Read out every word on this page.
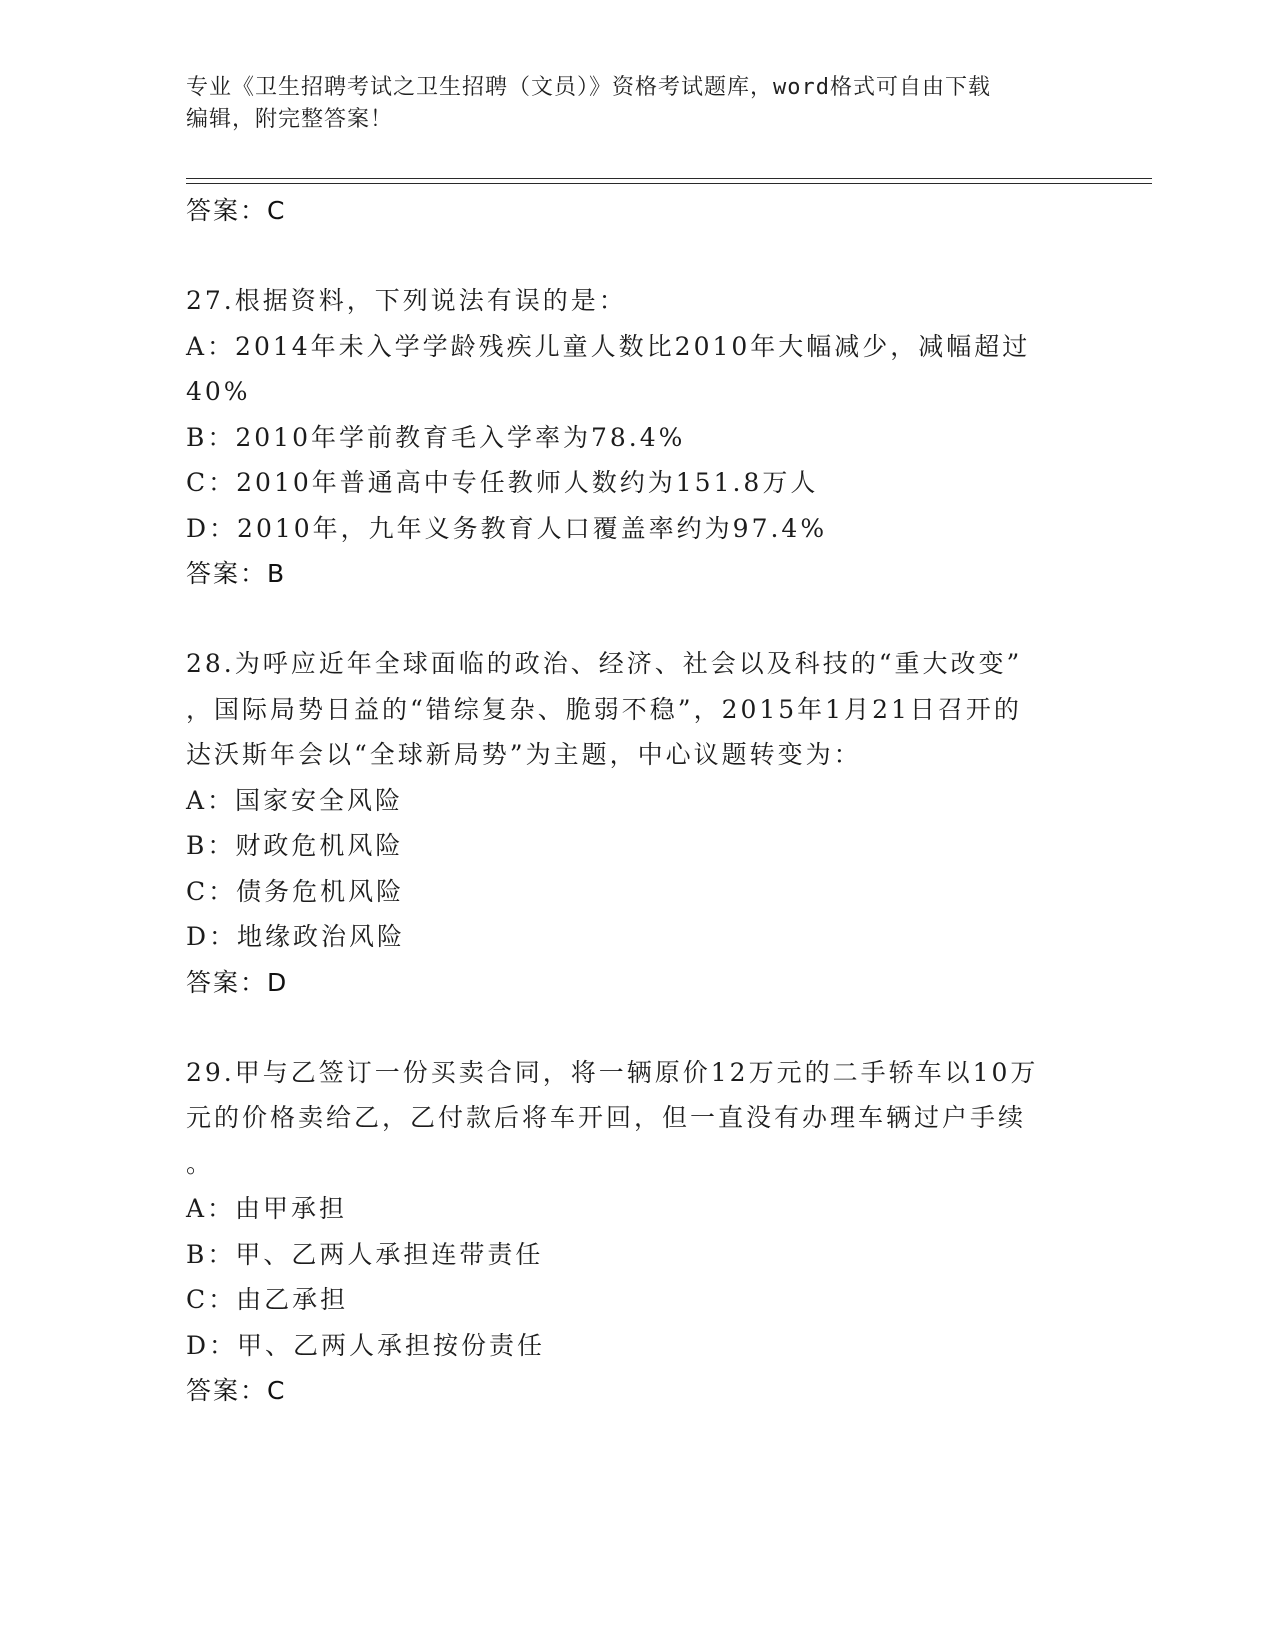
专业《卫生招聘考试之卫生招聘（文员）》资格考试题库，word格式可自由下载
编辑，附完整答案！
答案：C
27.根据资料，下列说法有误的是：
A：2014年未入学学龄残疾儿童人数比2010年大幅减少，减幅超过
40%
B：2010年学前教育毛入学率为78.4%
C：2010年普通高中专任教师人数约为151.8万人
D：2010年，九年义务教育人口覆盖率约为97.4%
答案：B
28.为呼应近年全球面临的政治、经济、社会以及科技的“重大改变”
，国际局势日益的“错综复杂、脆弱不稳”，2015年1月21日召开的
达沃斯年会以“全球新局势”为主题，中心议题转变为：
A：国家安全风险
B：财政危机风险
C：债务危机风险
D：地缘政治风险
答案：D
29.甲与乙签订一份买卖合同，将一辆原价12万元的二手轿车以10万
元的价格卖给乙，乙付款后将车开回，但一直没有办理车辆过户手续
。
A：由甲承担
B：甲、乙两人承担连带责任
C：由乙承担
D：甲、乙两人承担按份责任
答案：C
